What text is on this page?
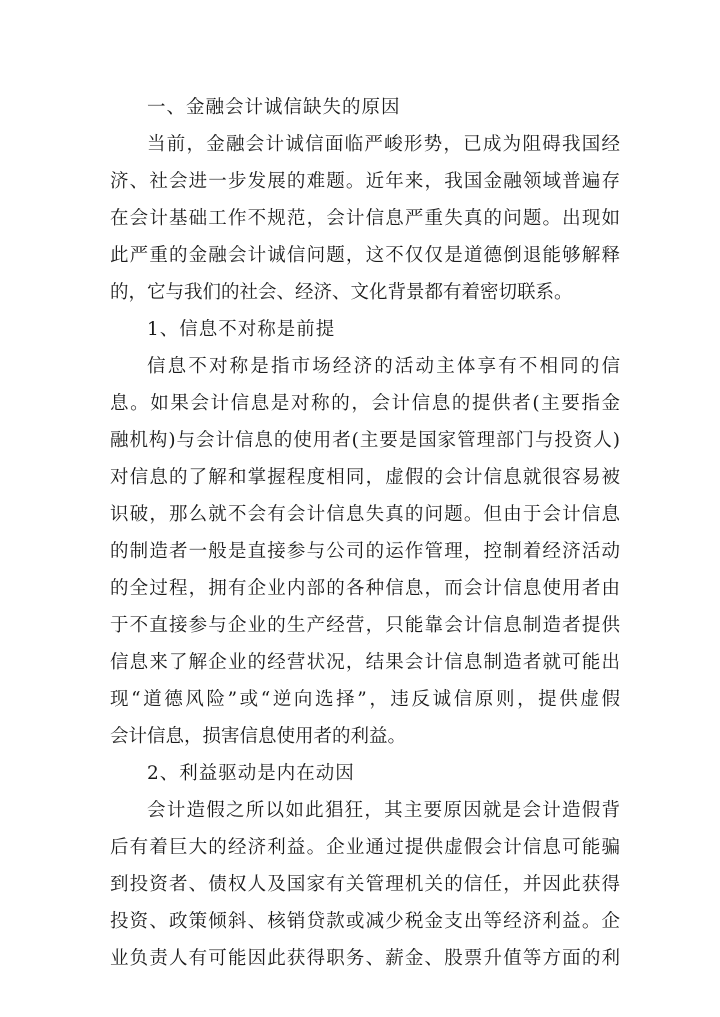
一、金融会计诚信缺失的原因
当前，金融会计诚信面临严峻形势，已成为阻碍我国经
济、社会进一步发展的难题。近年来，我国金融领域普遍存
在会计基础工作不规范，会计信息严重失真的问题。出现如
此严重的金融会计诚信问题，这不仅仅是道德倒退能够解释
的，它与我们的社会、经济、文化背景都有着密切联系。
1、信息不对称是前提
信息不对称是指市场经济的活动主体享有不相同的信
息。如果会计信息是对称的，会计信息的提供者(主要指金
融机构)与会计信息的使用者(主要是国家管理部门与投资人)
对信息的了解和掌握程度相同，虚假的会计信息就很容易被
识破，那么就不会有会计信息失真的问题。但由于会计信息
的制造者一般是直接参与公司的运作管理，控制着经济活动
的全过程，拥有企业内部的各种信息，而会计信息使用者由
于不直接参与企业的生产经营，只能靠会计信息制造者提供
信息来了解企业的经营状况，结果会计信息制造者就可能出
现“道德风险”或“逆向选择”，违反诚信原则，提供虚假
会计信息，损害信息使用者的利益。
2、利益驱动是内在动因
会计造假之所以如此猖狂，其主要原因就是会计造假背
后有着巨大的经济利益。企业通过提供虚假会计信息可能骗
到投资者、债权人及国家有关管理机关的信任，并因此获得
投资、政策倾斜、核销贷款或减少税金支出等经济利益。企
业负责人有可能因此获得职务、薪金、股票升值等方面的利
